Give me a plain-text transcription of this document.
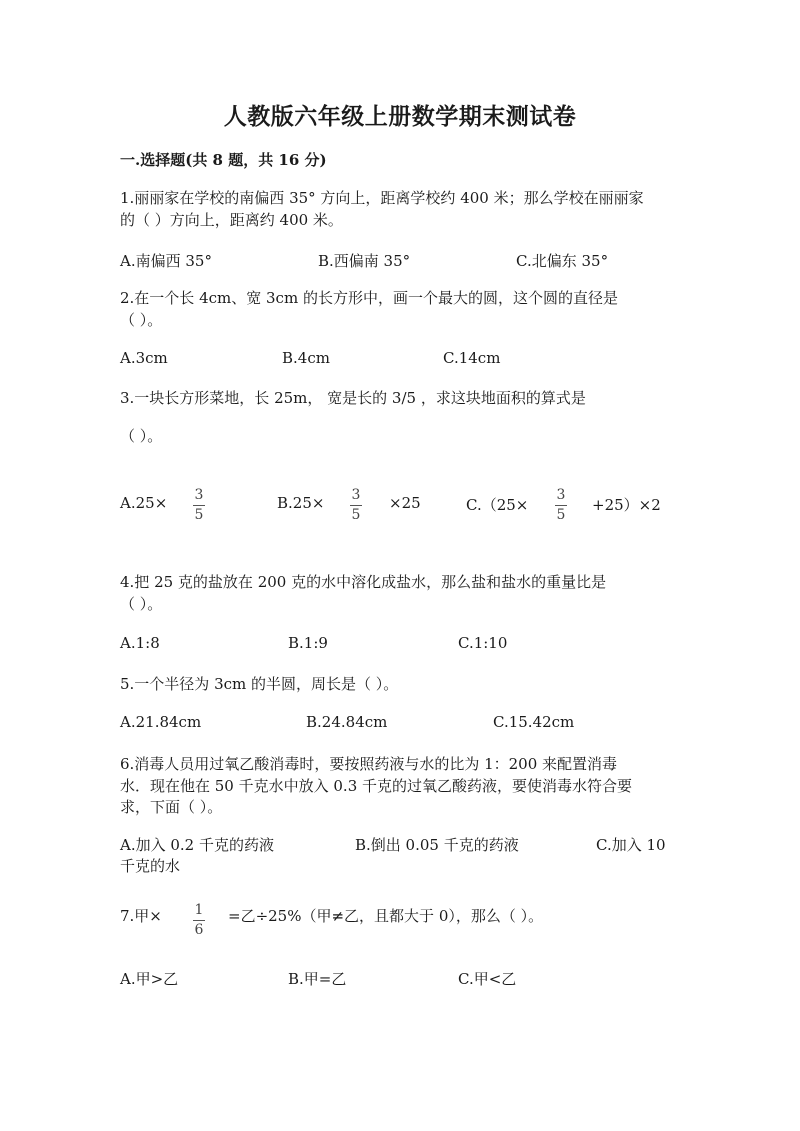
人教版六年级上册数学期末测试卷
一.选择题(共 8 题，共 16 分)
1.丽丽家在学校的南偏西 35° 方向上，距离学校约 400 米；那么学校在丽丽家
的（ ）方向上，距离约 400 米。
A.南偏西 35°	B.西偏南 35°	C.北偏东 35°
2.在一个长 4cm、宽 3cm 的长方形中，画一个最大的圆，这个圆的直径是
（ ）。
A.3cm	B.4cm	C.14cm
3.一块长方形菜地，长 25m， 宽是长的 3/5 ，求这块地面积的算式是
（ ）。
A.25× 3
5
B.25× 3
5
×25	C.（25×
3
5
+25）×2
4.把 25 克的盐放在 200 克的水中溶化成盐水，那么盐和盐水的重量比是
（ ）。
A.1:8	B.1:9	C.1:10
5.一个半径为 3cm 的半圆，周长是（ ）。
A.21.84cm	B.24.84cm	C.15.42cm
6.消毒人员用过氧乙酸消毒时，要按照药液与水的比为 1：200 来配置消毒
水．现在他在 50 千克水中放入 0.3 千克的过氧乙酸药液，要使消毒水符合要
求，下面（ ）。
A.加入 0.2 千克的药液	B.倒出 0.05 千克的药液	C.加入 10
千克的水
7.甲× 1
6
=乙÷25%（甲≠乙，且都大于 0），那么（ ）。
A.甲>乙	B.甲=乙	C.甲<乙
